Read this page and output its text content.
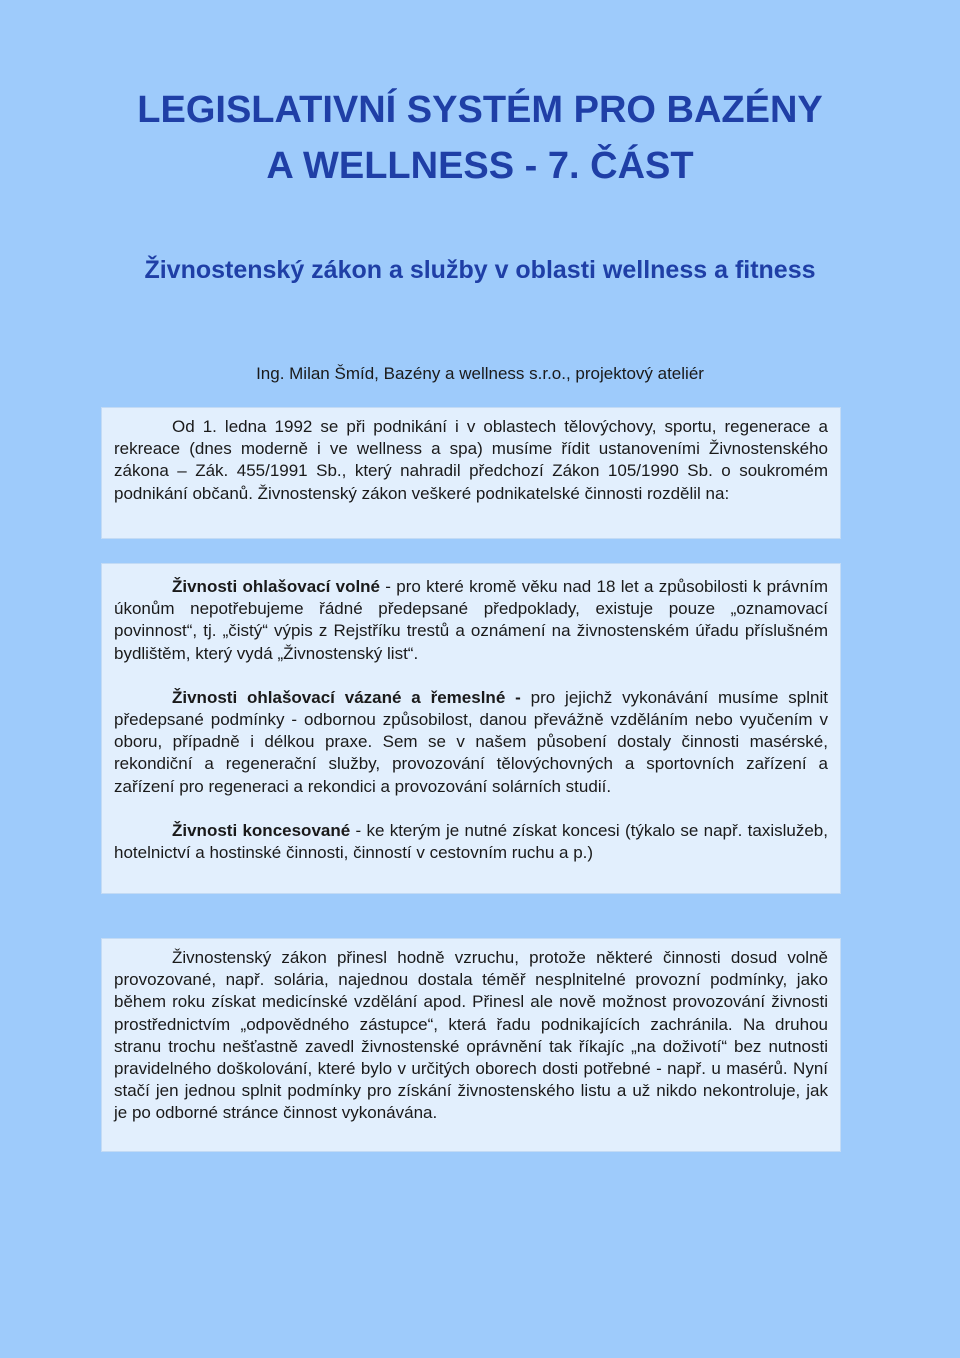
LEGISLATIVNÍ SYSTÉM PRO BAZÉNY
A WELLNESS - 7. ČÁST
Živnostenský zákon a služby v oblasti wellness a fitness

Ing. Milan Šmíd, Bazény a wellness s.r.o., projektový ateliér

Od 1. ledna 1992 se při podnikání i v oblastech tělovýchovy, sportu, regenerace a rekreace (dnes moderně i ve wellness a spa) musíme řídit ustanoveními Živnostenského zákona – Zák. 455/1991 Sb., který nahradil předchozí Zákon 105/1990 Sb. o soukromém podnikání občanů. Živnostenský zákon veškeré podnikatelské činnosti rozdělil na:

Živnosti ohlašovací volné - pro které kromě věku nad 18 let a způsobilosti k právním úkonům nepotřebujeme řádné předepsané předpoklady, existuje pouze „oznamovací povinnost“, tj. „čistý“ výpis z Rejstříku trestů a oznámení na živnostenském úřadu příslušném bydlištěm, který vydá „Živnostenský list“.

Živnosti ohlašovací vázané a řemeslné - pro jejichž vykonávání musíme splnit předepsané podmínky - odbornou způsobilost, danou převážně vzděláním nebo vyučením v oboru, případně i délkou praxe. Sem se v našem působení dostaly činnosti masérské, rekondiční a regenerační služby, provozování tělovýchovných a sportovních zařízení a zařízení pro regeneraci a rekondici a provozování solárních studií.

Živnosti koncesované - ke kterým je nutné získat koncesi (týkalo se např. taxislužeb, hotelnictví a hostinské činnosti, činností v cestovním ruchu a p.)

Živnostenský zákon přinesl hodně vzruchu, protože některé činnosti dosud volně provozované, např. solária, najednou dostala téměř nesplnitelné provozní podmínky, jako během roku získat medicínské vzdělání apod. Přinesl ale nově možnost provozování živnosti prostřednictvím „odpovědného zástupce“, která řadu podnikajících zachránila. Na druhou stranu trochu nešťastně zavedl živnostenské oprávnění tak říkajíc „na doživotí“ bez nutnosti pravidelného doškolování, které bylo v určitých oborech dosti potřebné - např. u masérů. Nyní stačí jen jednou splnit podmínky pro získání živnostenského listu a už nikdo nekontroluje, jak je po odborné stránce činnost vykonávána.
